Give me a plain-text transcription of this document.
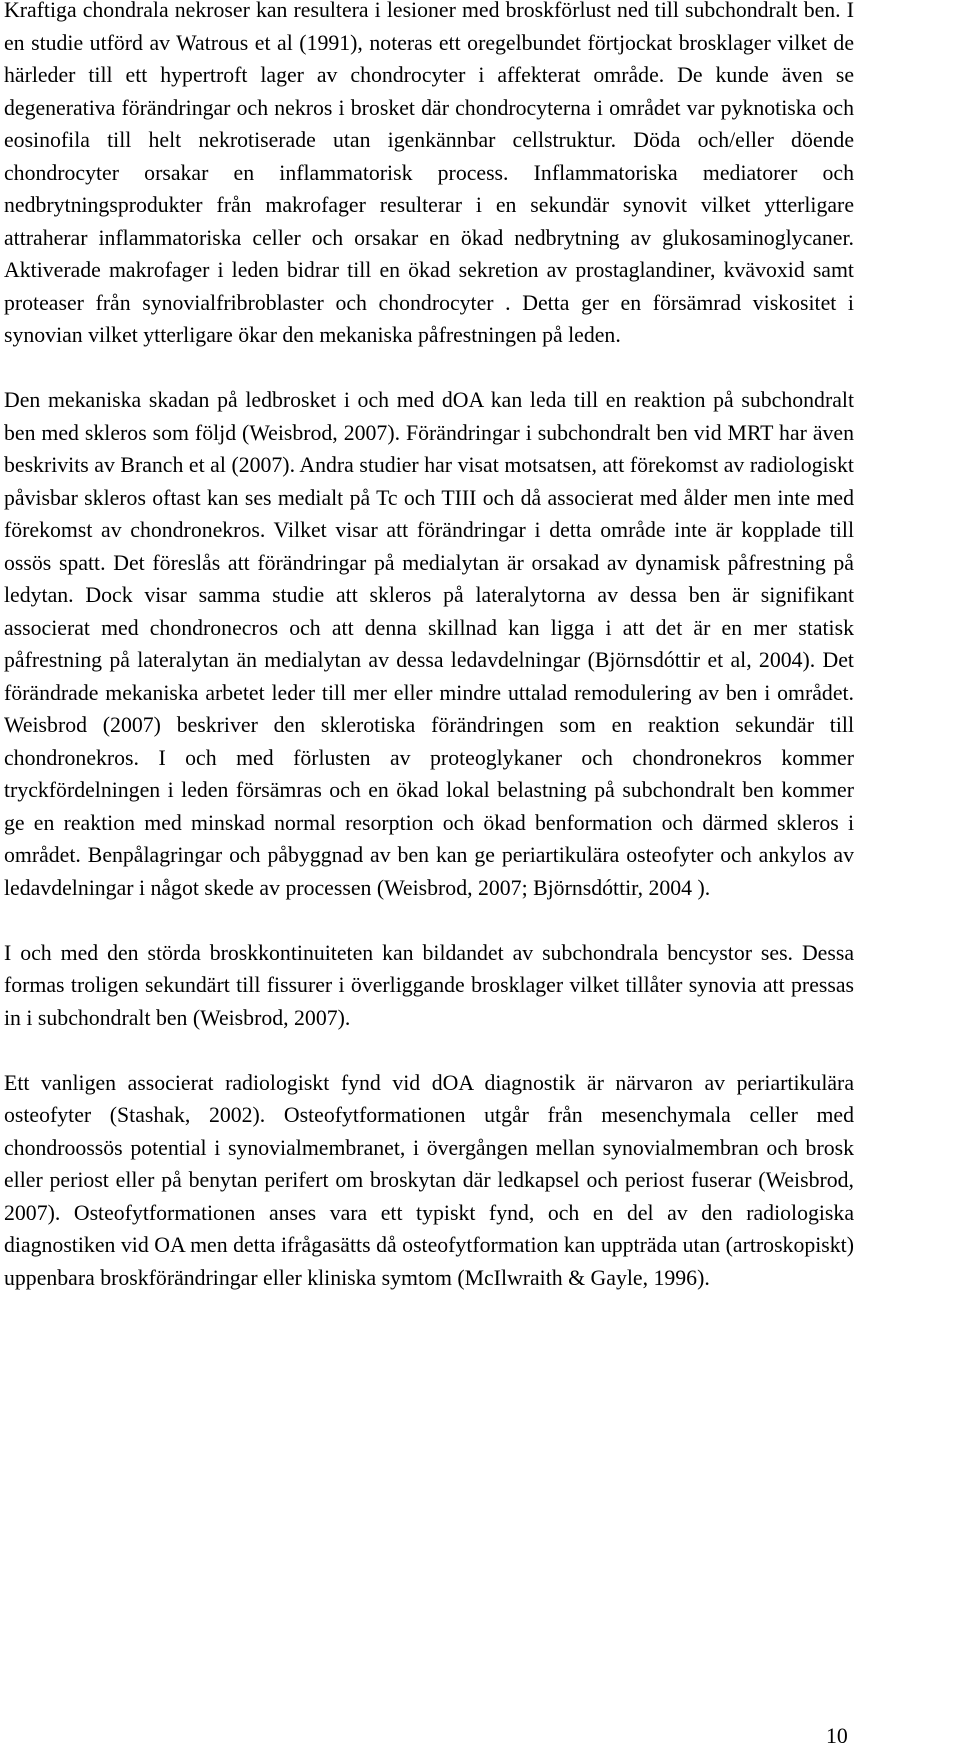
Kraftiga chondrala nekroser kan resultera i lesioner med broskförlust ned till subchondralt ben. I en studie utförd av Watrous et al (1991), noteras ett oregelbundet förtjockat brosklager vilket de härleder till ett hypertroft lager av chondrocyter i affekterat område. De kunde även se degenerativa förändringar och nekros i brosket där chondrocyterna i området var pyknotiska och eosinofila till helt nekrotiserade utan igenkännbar cellstruktur. Döda och/eller döende chondrocyter orsakar en inflammatorisk process. Inflammatoriska mediatorer och nedbrytningsprodukter från makrofager resulterar i en sekundär synovit vilket ytterligare attraherar inflammatoriska celler och orsakar en ökad nedbrytning av glukosaminoglycaner. Aktiverade makrofager i leden bidrar till en ökad sekretion av prostaglandiner, kvävoxid samt proteaser från synovialfribroblaster och chondrocyter . Detta ger en försämrad viskositet i synovian vilket ytterligare ökar den mekaniska påfrestningen på leden.

Den mekaniska skadan på ledbrosket i och med dOA kan leda till en reaktion på subchondralt ben med skleros som följd (Weisbrod, 2007). Förändringar i subchondralt ben vid MRT har även beskrivits av Branch et al (2007). Andra studier har visat motsatsen, att förekomst av radiologiskt påvisbar skleros oftast kan ses medialt på Tc och TIII och då associerat med ålder men inte med förekomst av chondronekros. Vilket visar att förändringar i detta område inte är kopplade till ossös spatt. Det föreslås att förändringar på medialytan är orsakad av dynamisk påfrestning på ledytan. Dock visar samma studie att skleros på lateralytorna av dessa ben är signifikant associerat med chondronecros och att denna skillnad kan ligga i att det är en mer statisk påfrestning på lateralytan än medialytan av dessa ledavdelningar (Björnsdóttir et al, 2004). Det förändrade mekaniska arbetet leder till mer eller mindre uttalad remodulering av ben i området. Weisbrod (2007) beskriver den sklerotiska förändringen som en reaktion sekundär till chondronekros. I och med förlusten av proteoglykaner och chondronekros kommer tryckfördelningen i leden försämras och en ökad lokal belastning på subchondralt ben kommer ge en reaktion med minskad normal resorption och ökad benformation och därmed skleros i området. Benpålagringar och påbyggnad av ben kan ge periartikulära osteofyter och ankylos av ledavdelningar i något skede av processen (Weisbrod, 2007; Björnsdóttir, 2004 ).

I och med den störda broskkontinuiteten kan bildandet av subchondrala bencystor ses. Dessa formas troligen sekundärt till fissurer i överliggande brosklager vilket tillåter synovia att pressas in i subchondralt ben (Weisbrod, 2007).

Ett vanligen associerat radiologiskt fynd vid dOA diagnostik är närvaron av periartikulära osteofyter (Stashak, 2002). Osteofytformationen utgår från mesenchymala celler med chondroossös potential i synovialmembranet, i övergången mellan synovialmembran och brosk eller periost eller på benytan perifert om broskytan där ledkapsel och periost fuserar (Weisbrod, 2007). Osteofytformationen anses vara ett typiskt fynd, och en del av den radiologiska diagnostiken vid OA men detta ifrågasätts då osteofytformation kan uppträda utan (artroskopiskt) uppenbara broskförändringar eller kliniska symtom (McIlwraith & Gayle, 1996).

10
